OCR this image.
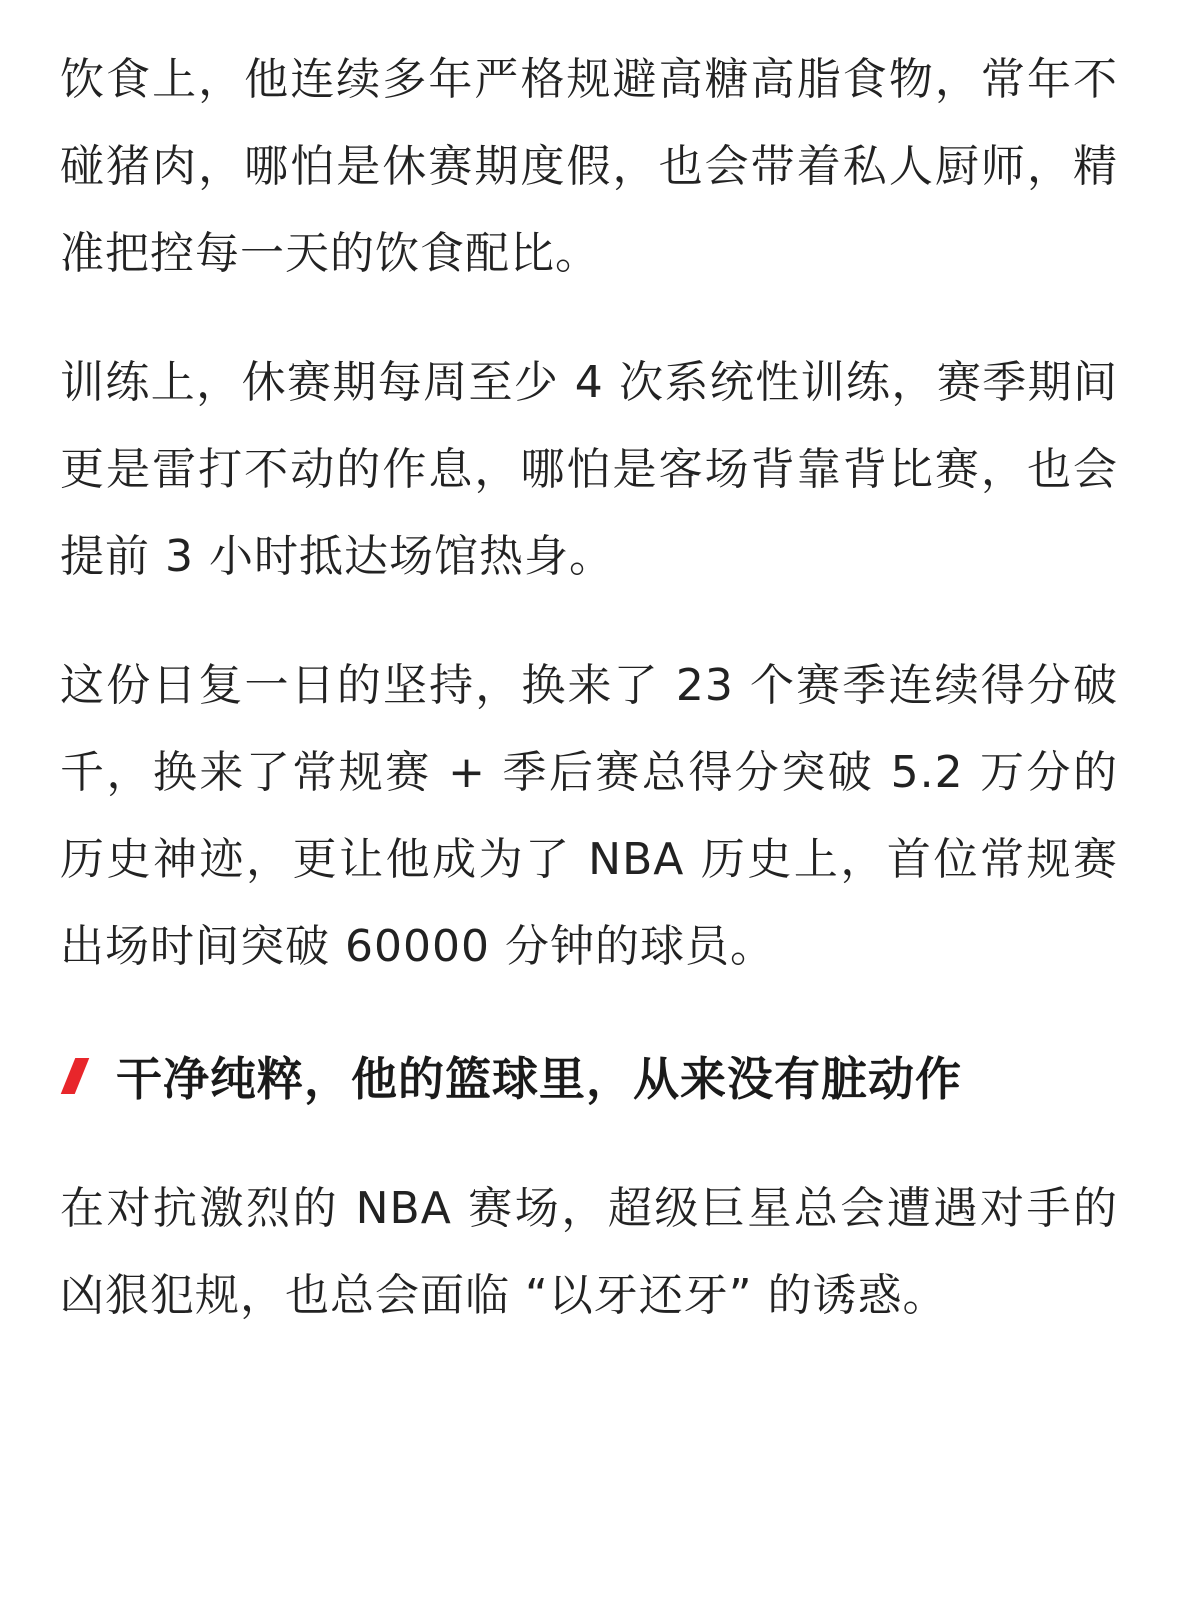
饮食上，他连续多年严格规避高糖高脂食物，常年不碰猪肉，哪怕是休赛期度假，也会带着私人厨师，精准把控每一天的饮食配比。

训练上，休赛期每周至少 4 次系统性训练，赛季期间更是雷打不动的作息，哪怕是客场背靠背比赛，也会提前 3 小时抵达场馆热身。

这份日复一日的坚持，换来了 23 个赛季连续得分破千，换来了常规赛 + 季后赛总得分突破 5.2 万分的历史神迹，更让他成为了 NBA 历史上，首位常规赛出场时间突破 60000 分钟的球员。

干净纯粹，他的篮球里，从来没有脏动作

在对抗激烈的 NBA 赛场，超级巨星总会遭遇对手的凶狠犯规，也总会面临 “以牙还牙” 的诱惑。
